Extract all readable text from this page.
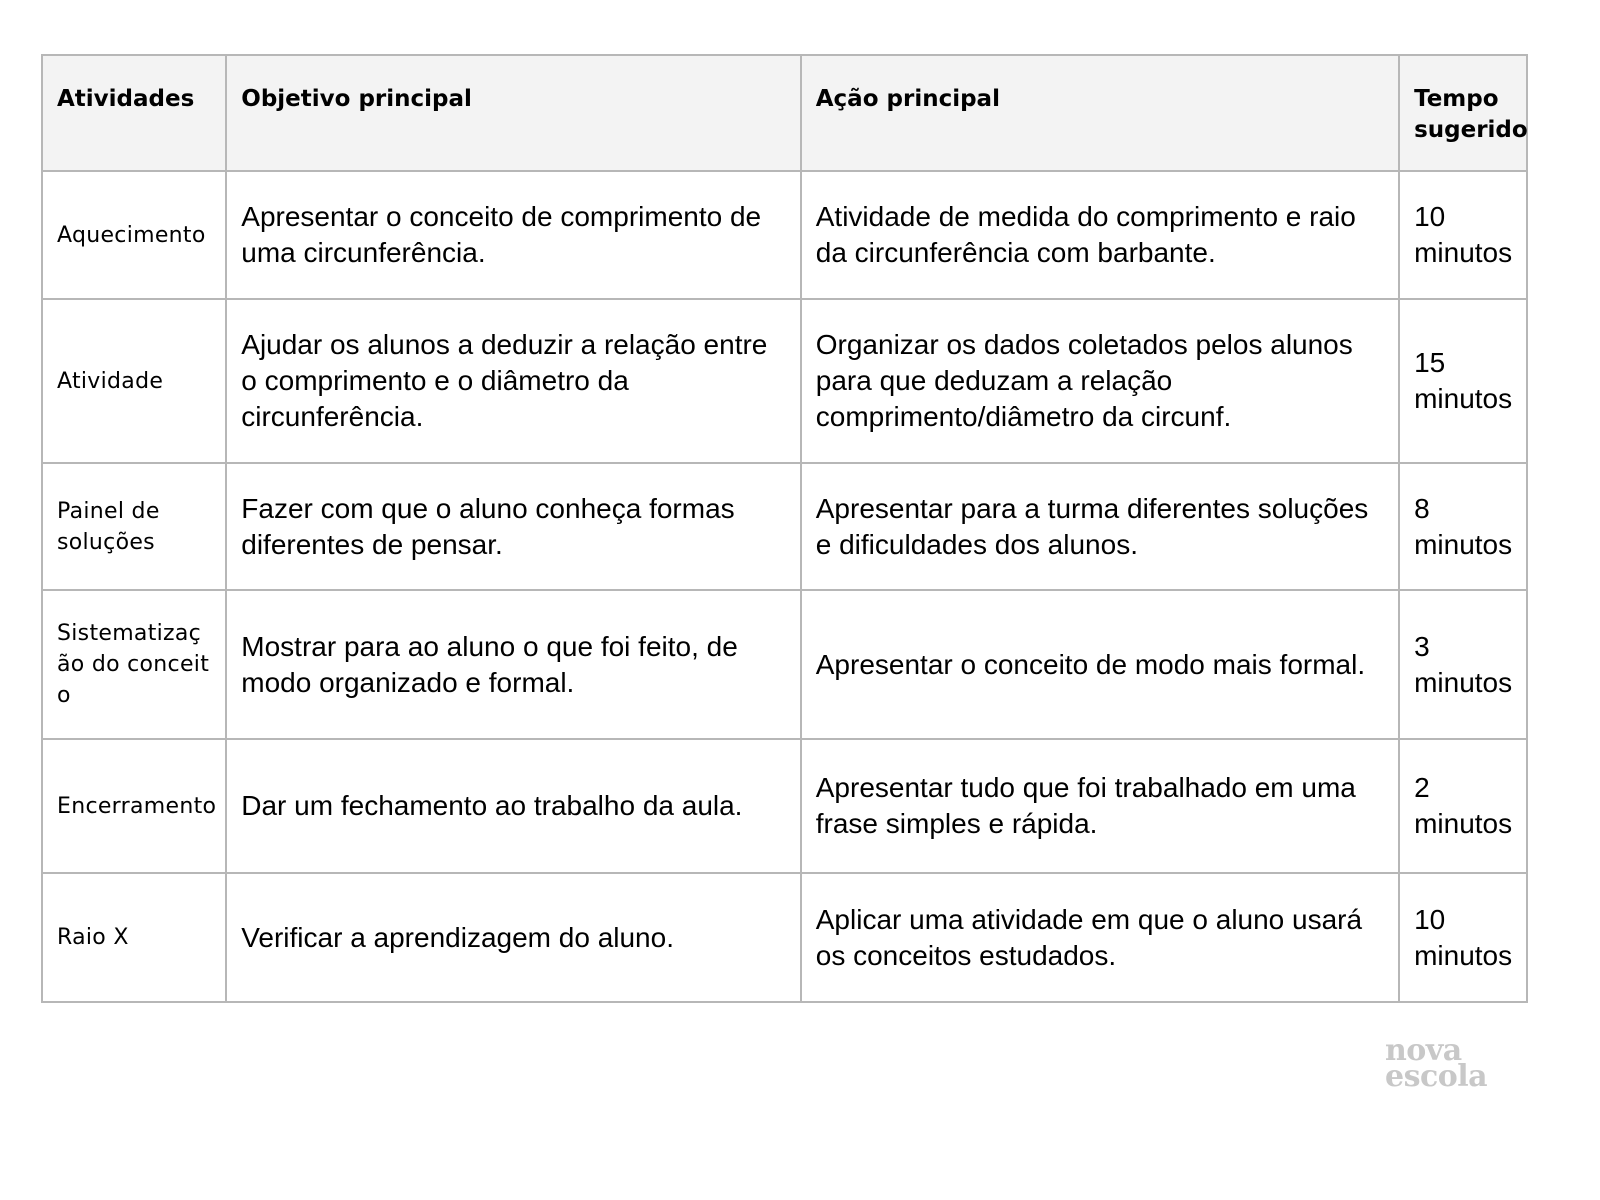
Atividades	Objetivo principal	Ação principal	Tempo sugerido
Aquecimento	Apresentar o conceito de comprimento de uma circunferência.	Atividade de medida do comprimento e raio da circunferência com barbante.	10 minutos
Atividade	Ajudar os alunos a deduzir a relação entre o comprimento e o diâmetro da circunferência.	Organizar os dados coletados pelos alunos para que deduzam a relação comprimento/diâmetro da circunf.	15 minutos
Painel de soluções	Fazer com que o aluno conheça formas diferentes de pensar.	Apresentar para a turma diferentes soluções e dificuldades dos alunos.	8 minutos
Sistematização do conceito	Mostrar para ao aluno o que foi feito, de modo organizado e formal.	Apresentar o conceito de modo mais formal.	3 minutos
Encerramento	Dar um fechamento ao trabalho da aula.	Apresentar tudo que foi trabalhado em uma frase simples e rápida.	2 minutos
Raio X	Verificar a aprendizagem do aluno.	Aplicar uma atividade em que o aluno usará os conceitos estudados.	10 minutos
nova
escola
